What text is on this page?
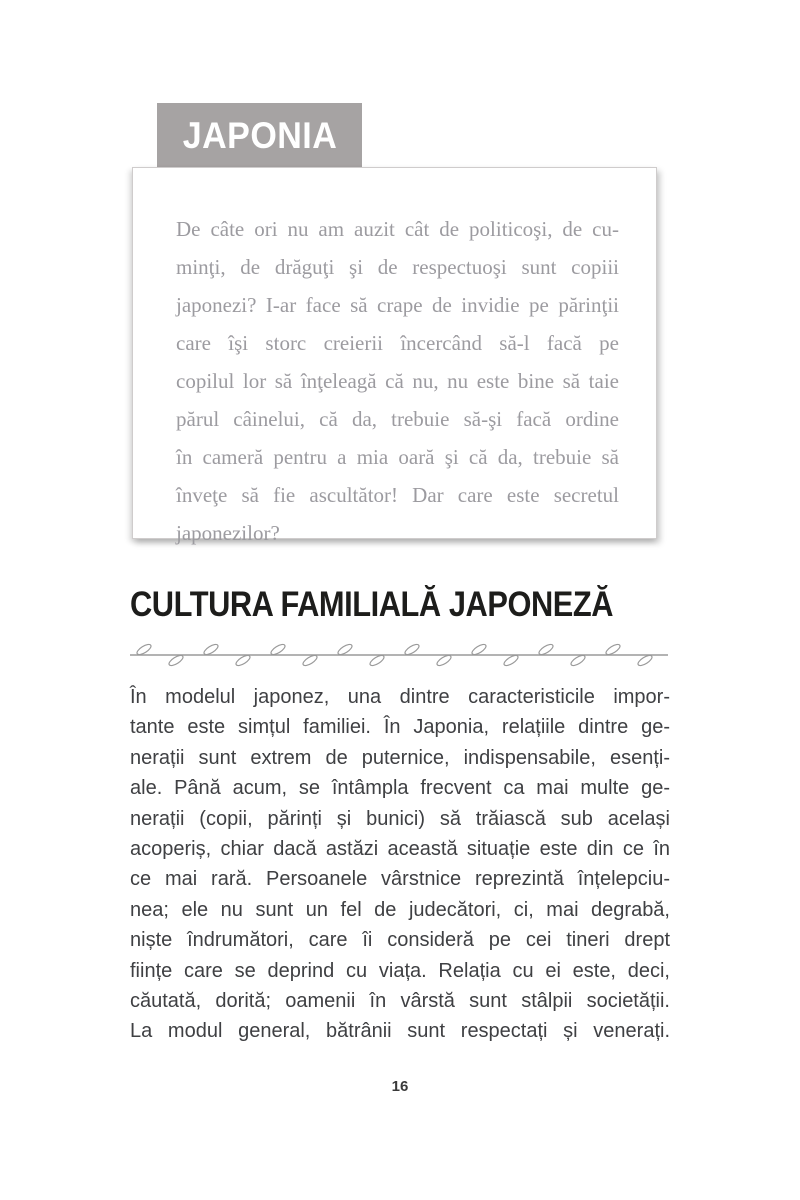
JAPONIA
De câte ori nu am auzit cât de politicoşi, de cu-
minţi, de drăguţi şi de respectuoşi sunt copiii
japonezi? I-ar face să crape de invidie pe părinţii
care îşi storc creierii încercând să-l facă pe
copilul lor să înţeleagă că nu, nu este bine să taie
părul câinelui, că da, trebuie să-şi facă ordine
în cameră pentru a mia oară şi că da, trebuie să
înveţe să fie ascultător! Dar care este secretul
japonezilor?
CULTURA FAMILIALĂ JAPONEZĂ
În modelul japonez, una dintre caracteristicile impor-
tante este simțul familiei. În Japonia, relațiile dintre ge-
nerații sunt extrem de puternice, indispensabile, esenți-
ale. Până acum, se întâmpla frecvent ca mai multe ge-
nerații (copii, părinți și bunici) să trăiască sub același
acoperiș, chiar dacă astăzi această situație este din ce în
ce mai rară. Persoanele vârstnice reprezintă înțelepciu-
nea; ele nu sunt un fel de judecători, ci, mai degrabă,
niște îndrumători, care îi consideră pe cei tineri drept
ființe care se deprind cu viața. Relația cu ei este, deci,
căutată, dorită; oamenii în vârstă sunt stâlpii societății.
La modul general, bătrânii sunt respectați și venerați.
16
